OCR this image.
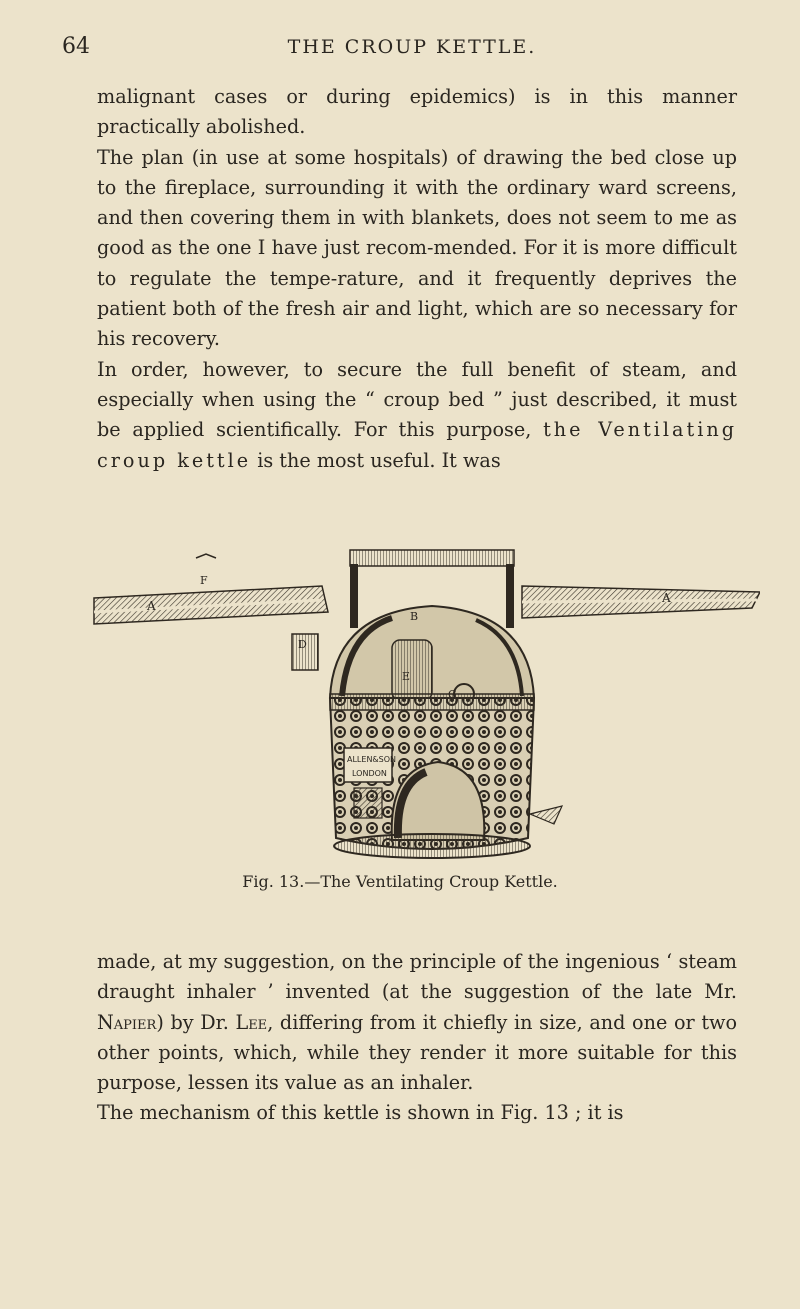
64	THE CROUP KETTLE.

malignant cases or during epidemics) is in this manner practically abolished.

The plan (in use at some hospitals) of drawing the bed close up to the fireplace, surrounding it with the ordinary ward screens, and then covering them in with blankets, does not seem to me as good as the one I have just recom-mended. For it is more difficult to regulate the tempe-rature, and it frequently deprives the patient both of the fresh air and light, which are so necessary for his recovery.

In order, however, to secure the full benefit of steam, and especially when using the “ croup bed ” just described, it must be applied scientifically. For this purpose, the Ventilating croup kettle is the most useful. It was

A
A
F
D
B
E
ALLEN&SON
LONDON
Fig. 13.—The Ventilating Croup Kettle.

made, at my suggestion, on the principle of the ingenious ‘ steam draught inhaler ’ invented (at the suggestion of the late Mr. Napier) by Dr. Lee, differing from it chiefly in size, and one or two other points, which, while they render it more suitable for this purpose, lessen its value as an inhaler.

The mechanism of this kettle is shown in Fig. 13 ; it is
